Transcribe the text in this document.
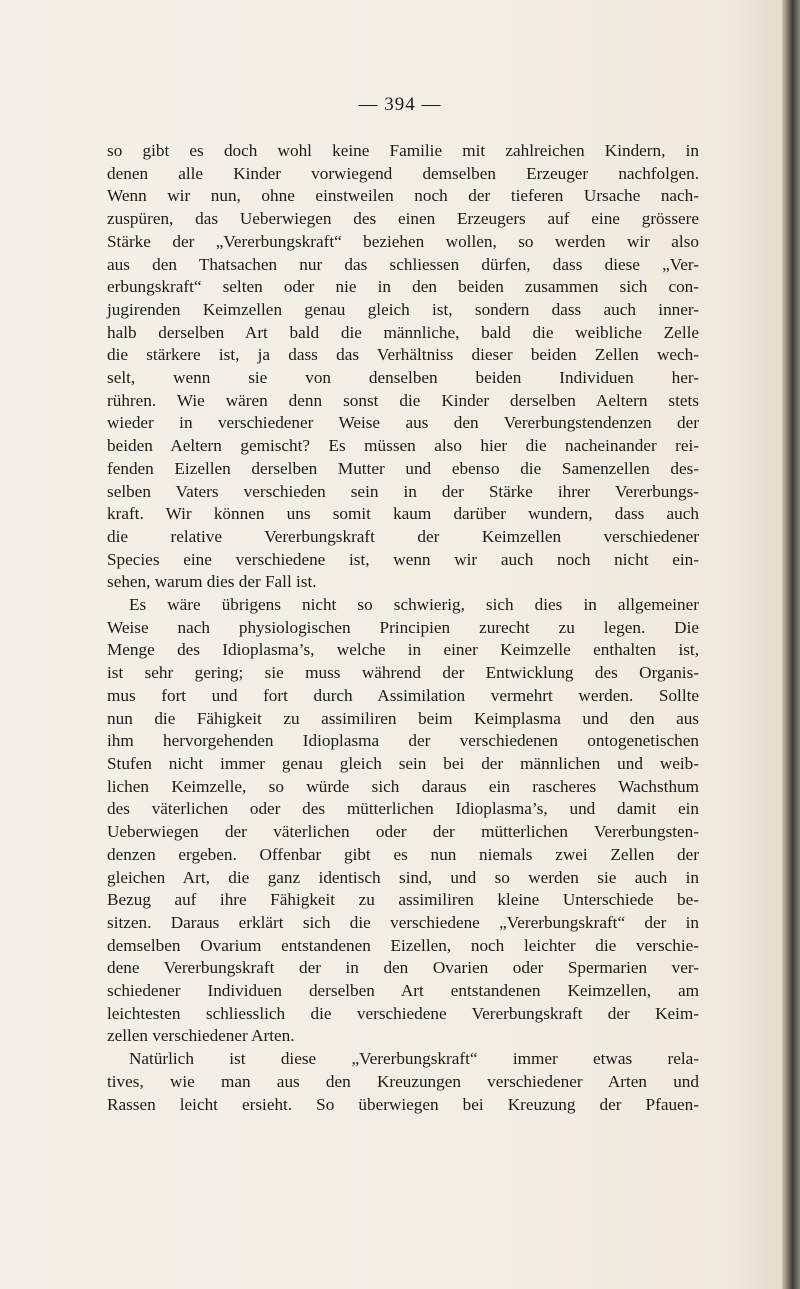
— 394 —
so gibt es doch wohl keine Familie mit zahlreichen Kindern, in
denen alle Kinder vorwiegend demselben Erzeuger nachfolgen.
Wenn wir nun, ohne einstweilen noch der tieferen Ursache nach-
zuspüren, das Ueberwiegen des einen Erzeugers auf eine grössere
Stärke der „Vererbungskraft“ beziehen wollen, so werden wir also
aus den Thatsachen nur das schliessen dürfen, dass diese „Ver-
erbungskraft“ selten oder nie in den beiden zusammen sich con-
jugirenden Keimzellen genau gleich ist, sondern dass auch inner-
halb derselben Art bald die männliche, bald die weibliche Zelle
die stärkere ist, ja dass das Verhältniss dieser beiden Zellen wech-
selt, wenn sie von denselben beiden Individuen her-
rühren. Wie wären denn sonst die Kinder derselben Aeltern stets
wieder in verschiedener Weise aus den Vererbungstendenzen der
beiden Aeltern gemischt? Es müssen also hier die nacheinander rei-
fenden Eizellen derselben Mutter und ebenso die Samenzellen des-
selben Vaters verschieden sein in der Stärke ihrer Vererbungs-
kraft. Wir können uns somit kaum darüber wundern, dass auch
die relative Vererbungskraft der Keimzellen verschiedener
Species eine verschiedene ist, wenn wir auch noch nicht ein-
sehen, warum dies der Fall ist.
Es wäre übrigens nicht so schwierig, sich dies in allgemeiner
Weise nach physiologischen Principien zurecht zu legen. Die
Menge des Idioplasma’s, welche in einer Keimzelle enthalten ist,
ist sehr gering; sie muss während der Entwicklung des Organis-
mus fort und fort durch Assimilation vermehrt werden. Sollte
nun die Fähigkeit zu assimiliren beim Keimplasma und den aus
ihm hervorgehenden Idioplasma der verschiedenen ontogenetischen
Stufen nicht immer genau gleich sein bei der männlichen und weib-
lichen Keimzelle, so würde sich daraus ein rascheres Wachsthum
des väterlichen oder des mütterlichen Idioplasma’s, und damit ein
Ueberwiegen der väterlichen oder der mütterlichen Vererbungsten-
denzen ergeben. Offenbar gibt es nun niemals zwei Zellen der
gleichen Art, die ganz identisch sind, und so werden sie auch in
Bezug auf ihre Fähigkeit zu assimiliren kleine Unterschiede be-
sitzen. Daraus erklärt sich die verschiedene „Vererbungskraft“ der in
demselben Ovarium entstandenen Eizellen, noch leichter die verschie-
dene Vererbungskraft der in den Ovarien oder Spermarien ver-
schiedener Individuen derselben Art entstandenen Keimzellen, am
leichtesten schliesslich die verschiedene Vererbungskraft der Keim-
zellen verschiedener Arten.
Natürlich ist diese „Vererbungskraft“ immer etwas rela-
tives, wie man aus den Kreuzungen verschiedener Arten und
Rassen leicht ersieht. So überwiegen bei Kreuzung der Pfauen-
